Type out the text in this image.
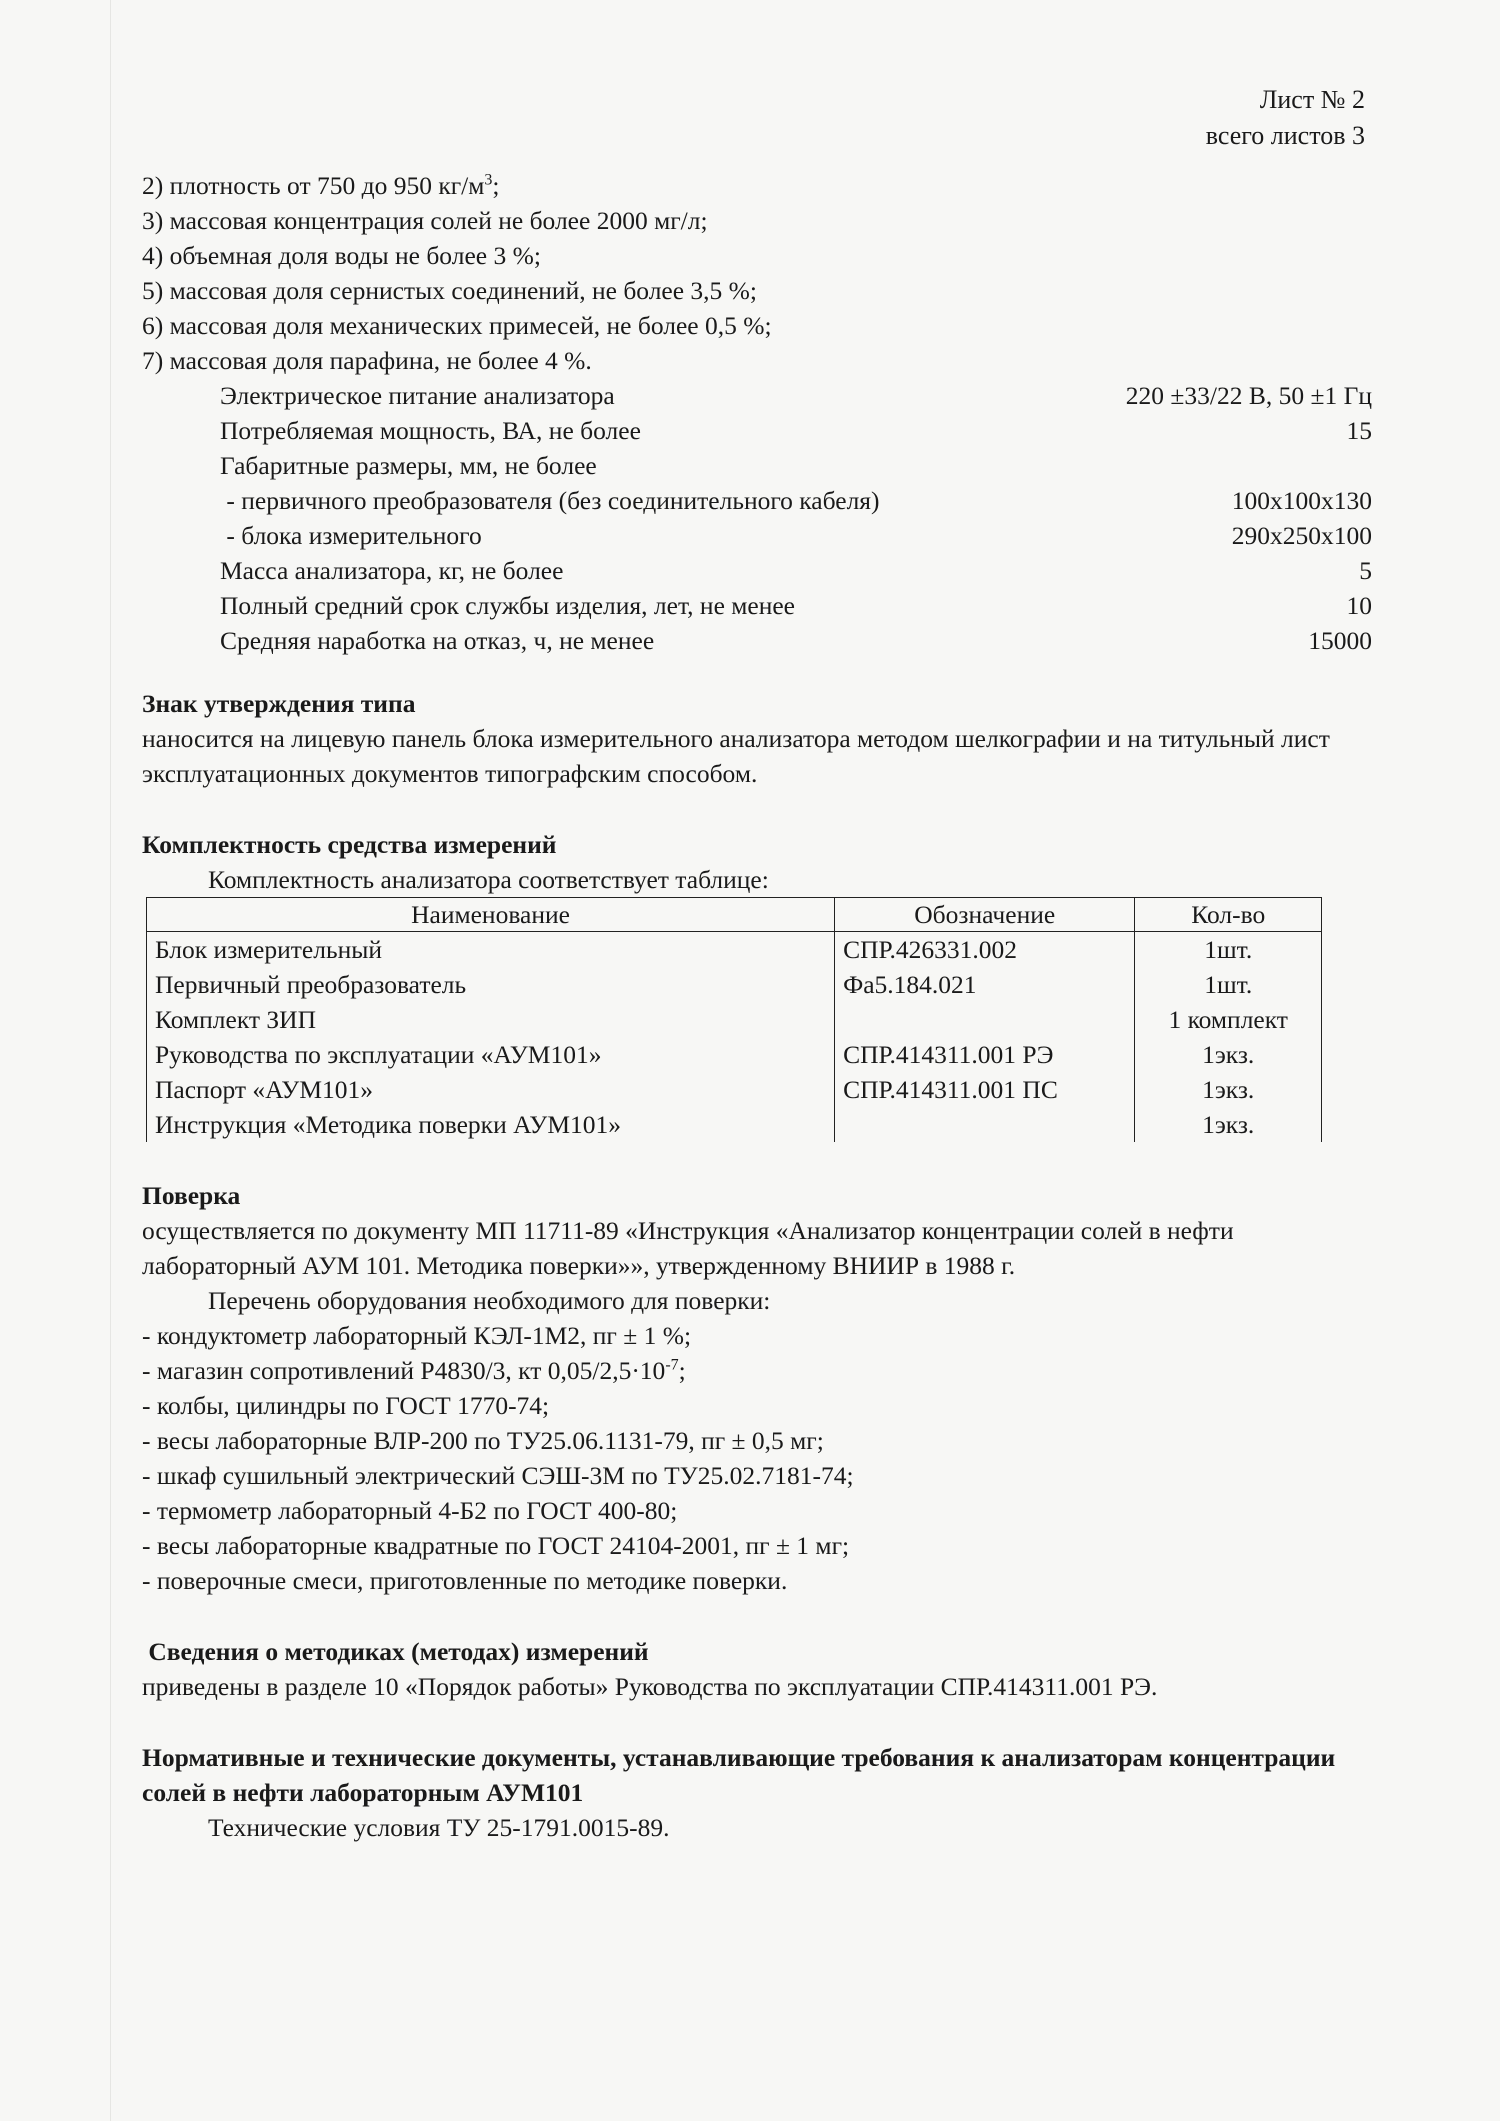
Лист № 2
всего листов 3
2) плотность от 750 до 950 $кг/м^3$;
3) массовая концентрация солей не более 2000 мг/л;
4) объемная доля воды не более 3 %;
5) массовая доля сернистых соединений, не более 3,5 %;
6) массовая доля механических примесей, не более 0,5 %;
7) массовая доля парафина, не более 4 %.
Электрическое питание анализатора	220 ±33/22 В, 50 ±1 Гц
Потребляемая мощность, ВА, не более	15
Габаритные размеры, мм, не более
- первичного преобразователя (без соединительного кабеля)	100х100х130
- блока измерительного	290х250х100
Масса анализатора, кг, не более	5
Полный средний срок службы изделия, лет, не менее	10
Средняя наработка на отказ, ч, не менее	15000
Знак утверждения типа

наносится на лицевую панель блока измерительного анализатора методом шелкографии и на титульный лист эксплуатационных документов типографским способом.

Комплектность средства измерений
Комплектность анализатора соответствует таблице:
Наименование	Обозначение	Кол-во
Блок измерительный	СПР.426331.002	1шт.
Первичный преобразователь	Фа5.184.021	1шт.
Комплект ЗИП		1 комплект
Руководства по эксплуатации «АУМ101»	СПР.414311.001 РЭ	1экз.
Паспорт «АУМ101»	СПР.414311.001 ПС	1экз.
Инструкция «Методика поверки АУМ101»		1экз.
Поверка

осуществляется по документу МП 11711-89 «Инструкция «Анализатор концентрации солей в нефти лабораторный АУМ 101. Методика поверки»», утвержденному ВНИИР в 1988 г.

Перечень оборудования необходимого для поверки:
- кондуктометр лабораторный КЭЛ-1М2, пг ± 1 %;
- магазин сопротивлений Р4830/3, кт $0,05/2,5\cdot 10^{-7}$;
- колбы, цилиндры по ГОСТ 1770-74;
- весы лабораторные ВЛР-200 по ТУ25.06.1131-79, пг ± 0,5 мг;
- шкаф сушильный электрический СЭШ-3М по ТУ25.02.7181-74;
- термометр лабораторный 4-Б2 по ГОСТ 400-80;
- весы лабораторные квадратные по ГОСТ 24104-2001, пг ± 1 мг;
- поверочные смеси, приготовленные по методике поверки.
Сведения о методиках (методах) измерений

приведены в разделе 10 «Порядок работы» Руководства по эксплуатации СПР.414311.001 РЭ.

Нормативные и технические документы, устанавливающие требования к анализаторам концентрации солей в нефти лабораторным АУМ101
Технические условия ТУ 25-1791.0015-89.
